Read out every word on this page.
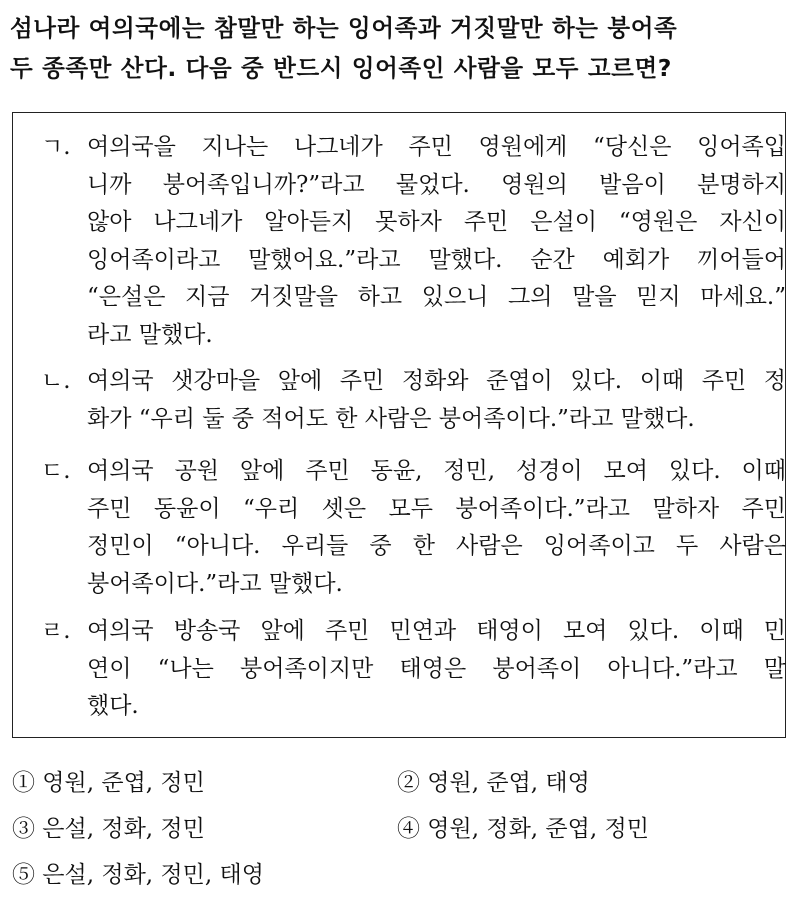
섬나라 여의국에는 참말만 하는 잉어족과 거짓말만 하는 붕어족
두 종족만 산다. 다음 중 반드시 잉어족인 사람을 모두 고르면?
ㄱ. 여의국을 지나는 나그네가 주민 영원에게 “당신은 잉어족입
니까 붕어족입니까?”라고 물었다. 영원의 발음이 분명하지
않아 나그네가 알아듣지 못하자 주민 은설이 “영원은 자신이
잉어족이라고 말했어요.”라고 말했다. 순간 예회가 끼어들어
“은설은 지금 거짓말을 하고 있으니 그의 말을 믿지 마세요.”
라고 말했다.
ㄴ. 여의국 샛강마을 앞에 주민 정화와 준엽이 있다. 이때 주민 정
화가 “우리 둘 중 적어도 한 사람은 붕어족이다.”라고 말했다.
ㄷ. 여의국 공원 앞에 주민 동윤, 정민, 성경이 모여 있다. 이때
주민 동윤이 “우리 셋은 모두 붕어족이다.”라고 말하자 주민
정민이 “아니다. 우리들 중 한 사람은 잉어족이고 두 사람은
붕어족이다.”라고 말했다.
ㄹ. 여의국 방송국 앞에 주민 민연과 태영이 모여 있다. 이때 민
연이 “나는 붕어족이지만 태영은 붕어족이 아니다.”라고 말
했다.
① 영원, 준엽, 정민	② 영원, 준엽, 태영
③ 은설, 정화, 정민	④ 영원, 정화, 준엽, 정민
⑤ 은설, 정화, 정민, 태영
